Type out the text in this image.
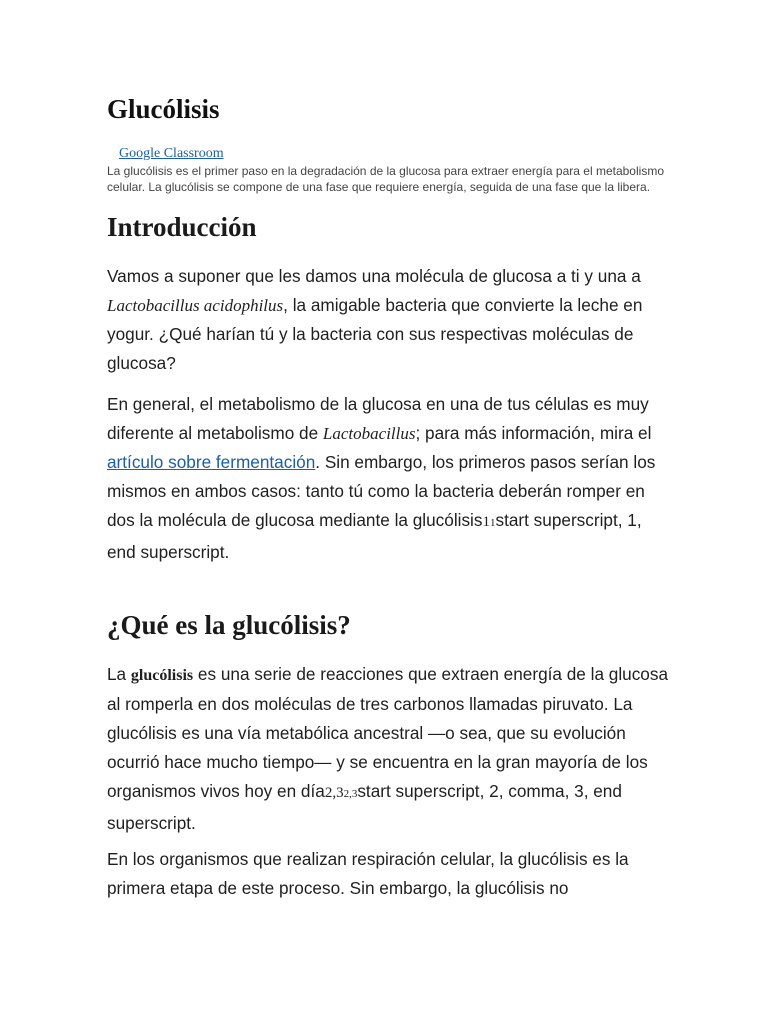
Glucólisis
Google Classroom

La glucólisis es el primer paso en la degradación de la glucosa para extraer energía para el metabolismo celular. La glucólisis se compone de una fase que requiere energía, seguida de una fase que la libera.

Introducción

Vamos a suponer que les damos una molécula de glucosa a ti y una a Lactobacillus acidophilus, la amigable bacteria que convierte la leche en yogur. ¿Qué harían tú y la bacteria con sus respectivas moléculas de glucosa?

En general, el metabolismo de la glucosa en una de tus células es muy diferente al metabolismo de Lactobacillus; para más información, mira el artículo sobre fermentación. Sin embargo, los primeros pasos serían los mismos en ambos casos: tanto tú como la bacteria deberán romper en dos la molécula de glucosa mediante la glucólisis11start superscript, 1, end superscript.

¿Qué es la glucólisis?

La glucólisis es una serie de reacciones que extraen energía de la glucosa al romperla en dos moléculas de tres carbonos llamadas piruvato. La glucólisis es una vía metabólica ancestral —o sea, que su evolución ocurrió hace mucho tiempo— y se encuentra en la gran mayoría de los organismos vivos hoy en día2,32,3start superscript, 2, comma, 3, end superscript.

En los organismos que realizan respiración celular, la glucólisis es la primera etapa de este proceso. Sin embargo, la glucólisis no
